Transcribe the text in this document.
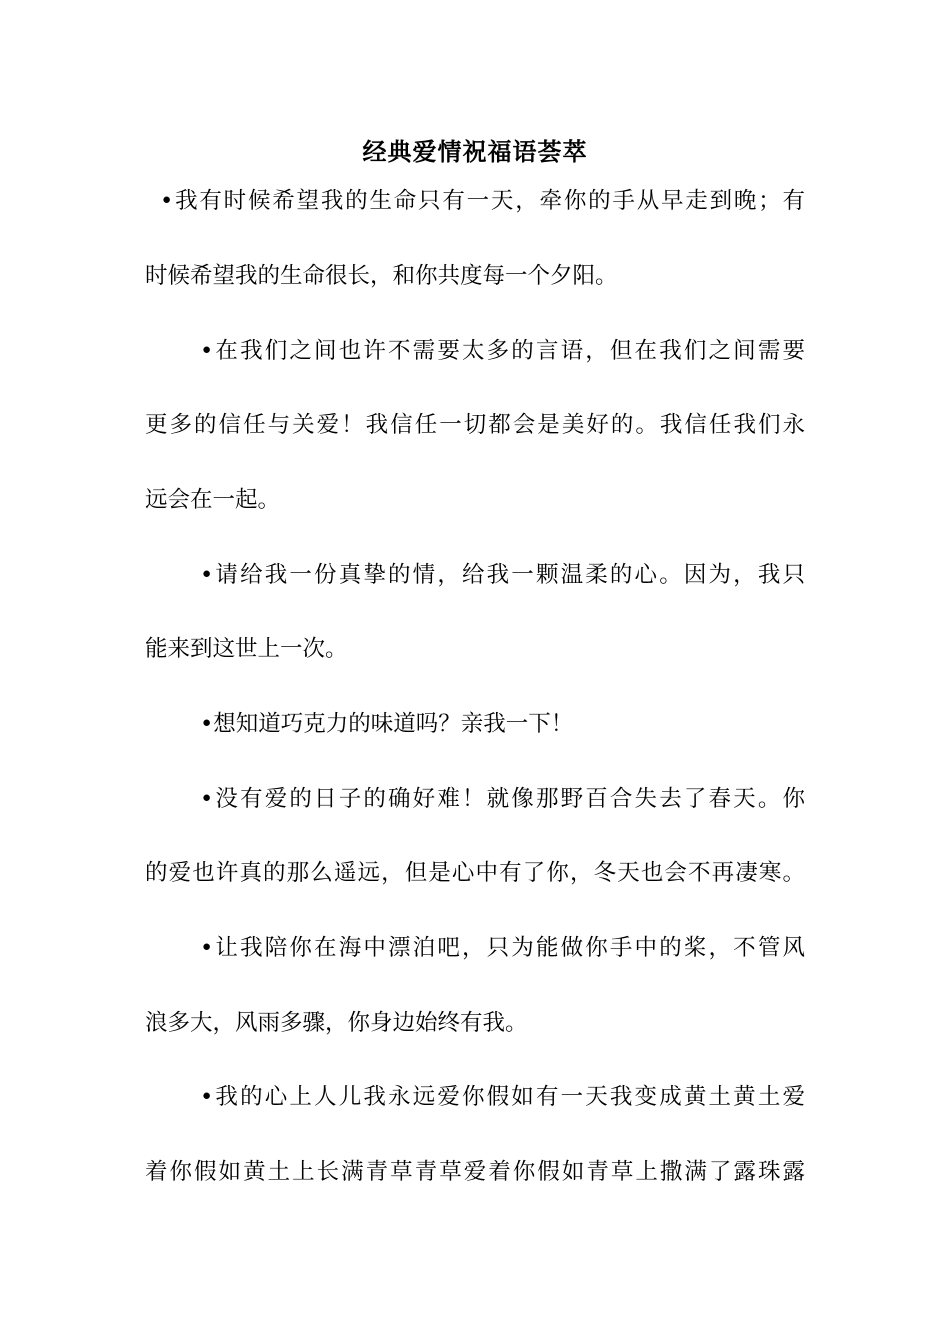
经典爱情祝福语荟萃
•我有时候希望我的生命只有一天，牵你的手从早走到晚；有
时候希望我的生命很长，和你共度每一个夕阳。
•在我们之间也许不需要太多的言语，但在我们之间需要
更多的信任与关爱！我信任一切都会是美好的。我信任我们永
远会在一起。
•请给我一份真挚的情，给我一颗温柔的心。因为，我只
能来到这世上一次。
•想知道巧克力的味道吗？亲我一下！
•没有爱的日子的确好难！就像那野百合失去了春天。你
的爱也许真的那么遥远，但是心中有了你，冬天也会不再凄寒。
•让我陪你在海中漂泊吧，只为能做你手中的桨，不管风
浪多大，风雨多骤，你身边始终有我。
•我的心上人儿我永远爱你假如有一天我变成黄土黄土爱
着你假如黄土上长满青草青草爱着你假如青草上撒满了露珠露
